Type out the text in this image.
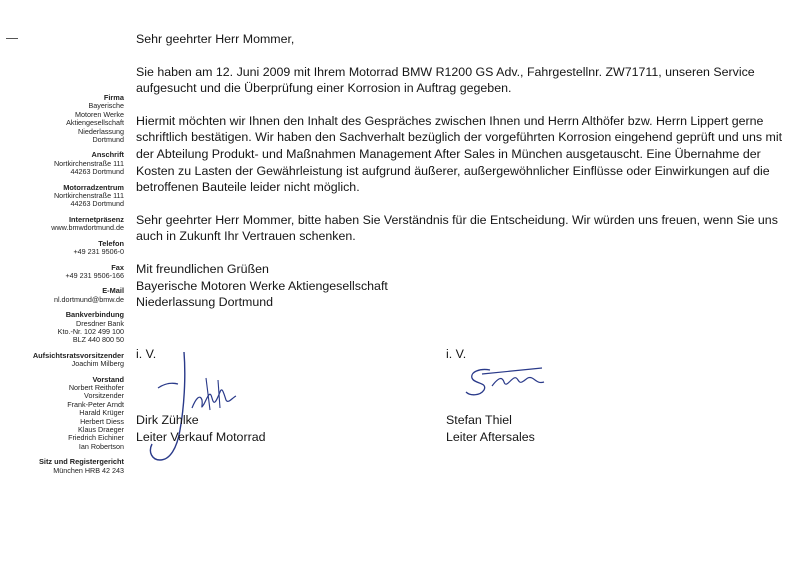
Firma
Bayerische
Motoren Werke
Aktiengesellschaft
Niederlassung
Dortmund
Anschrift
Nortkirchenstraße 111
44263 Dortmund
Motorradzentrum
Nortkirchenstraße 111
44263 Dortmund
Internetpräsenz
www.bmwdortmund.de
Telefon
+49 231 9506-0
Fax
+49 231 9506-166
E-Mail
nl.dortmund@bmw.de
Bankverbindung
Dresdner Bank
Kto.-Nr. 102 499 100
BLZ 440 800 50
Aufsichtsratsvorsitzender
Joachim Milberg
Vorstand
Norbert Reithofer
Vorsitzender
Frank-Peter Arndt
Harald Krüger
Herbert Diess
Klaus Draeger
Friedrich Eichiner
Ian Robertson
Sitz und Registergericht
München HRB 42 243

Sehr geehrter Herr Mommer,

Sie haben am 12. Juni 2009 mit Ihrem Motorrad BMW R1200 GS Adv., Fahrgestellnr. ZW71711, unseren Service aufgesucht und die Überprüfung einer Korrosion in Auftrag gegeben.

Hiermit möchten wir Ihnen den Inhalt des Gespräches zwischen Ihnen und Herrn Althöfer bzw. Herrn Lippert gerne schriftlich bestätigen. Wir haben den Sachverhalt bezüglich der vorgeführten Korrosion eingehend geprüft und uns mit der Abteilung Produkt- und Maßnahmen Management After Sales in München ausgetauscht. Eine Übernahme der Kosten zu Lasten der Gewährleistung ist aufgrund äußerer, außergewöhnlicher Einflüsse oder Einwirkungen auf die betroffenen Bauteile leider nicht möglich.

Sehr geehrter Herr Mommer, bitte haben Sie Verständnis für die Entscheidung. Wir würden uns freuen, wenn Sie uns auch in Zukunft Ihr Vertrauen schenken.

Mit freundlichen Grüßen
Bayerische Motoren Werke Aktiengesellschaft
Niederlassung Dortmund
i. V.
Dirk Zühlke
Leiter Verkauf Motorrad
i. V.
Stefan Thiel
Leiter Aftersales
